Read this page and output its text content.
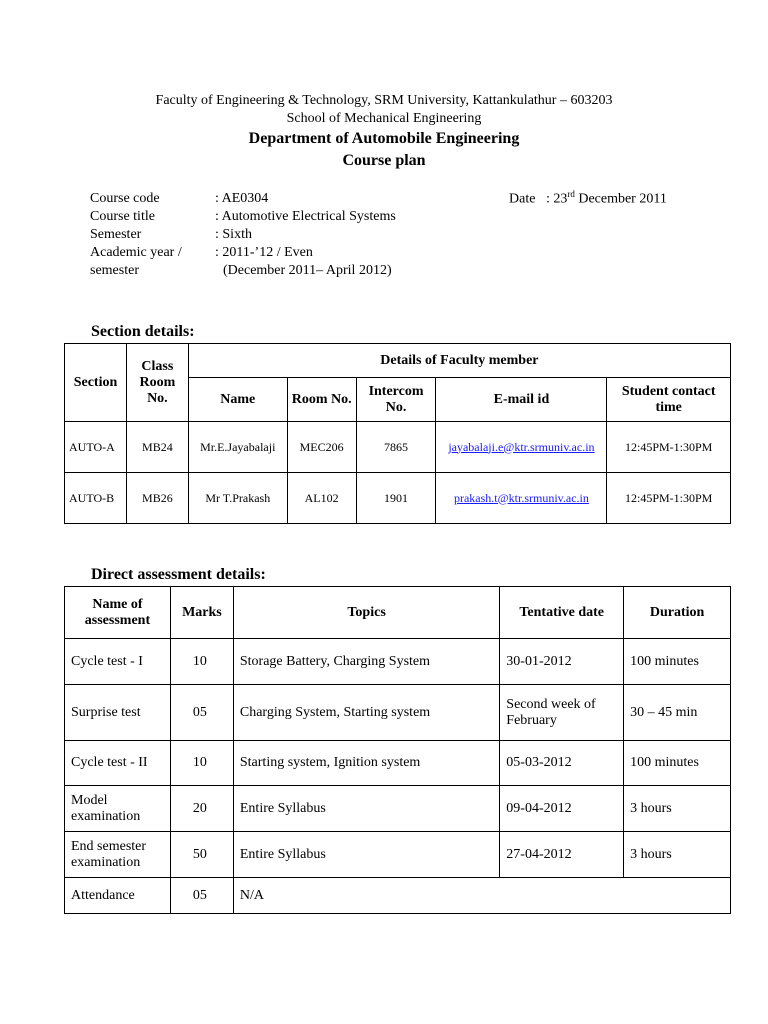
Faculty of Engineering & Technology, SRM University, Kattankulathur – 603203
School of Mechanical Engineering
Department of Automobile Engineering
Course plan
Course code	: AE0304
Course title	: Automotive Electrical Systems
Semester	: Sixth
Academic year /	: 2011-’12 / Even
semester	(December 2011– April 2012)
Date : 23rd December 2011
Section details:
Section	Class Room No.	Details of Faculty member				
		Name	Room No.	Intercom No.	E-mail id	Student contact time
AUTO-A	MB24	Mr.E.Jayabalaji	MEC206	7865	jayabalaji.e@ktr.srmuniv.ac.in	12:45PM-1:30PM
AUTO-B	MB26	Mr T.Prakash	AL102	1901	prakash.t@ktr.srmuniv.ac.in	12:45PM-1:30PM
Direct assessment details:
Name of assessment	Marks	Topics	Tentative date	Duration
Cycle test - I	10	Storage Battery, Charging System	30-01-2012	100 minutes
Surprise test	05	Charging System, Starting system	Second week of February	30 – 45 min
Cycle test - II	10	Starting system, Ignition system	05-03-2012	100 minutes
Model examination	20	Entire Syllabus	09-04-2012	3 hours
End semester examination	50	Entire Syllabus	27-04-2012	3 hours
Attendance	05	N/A		
